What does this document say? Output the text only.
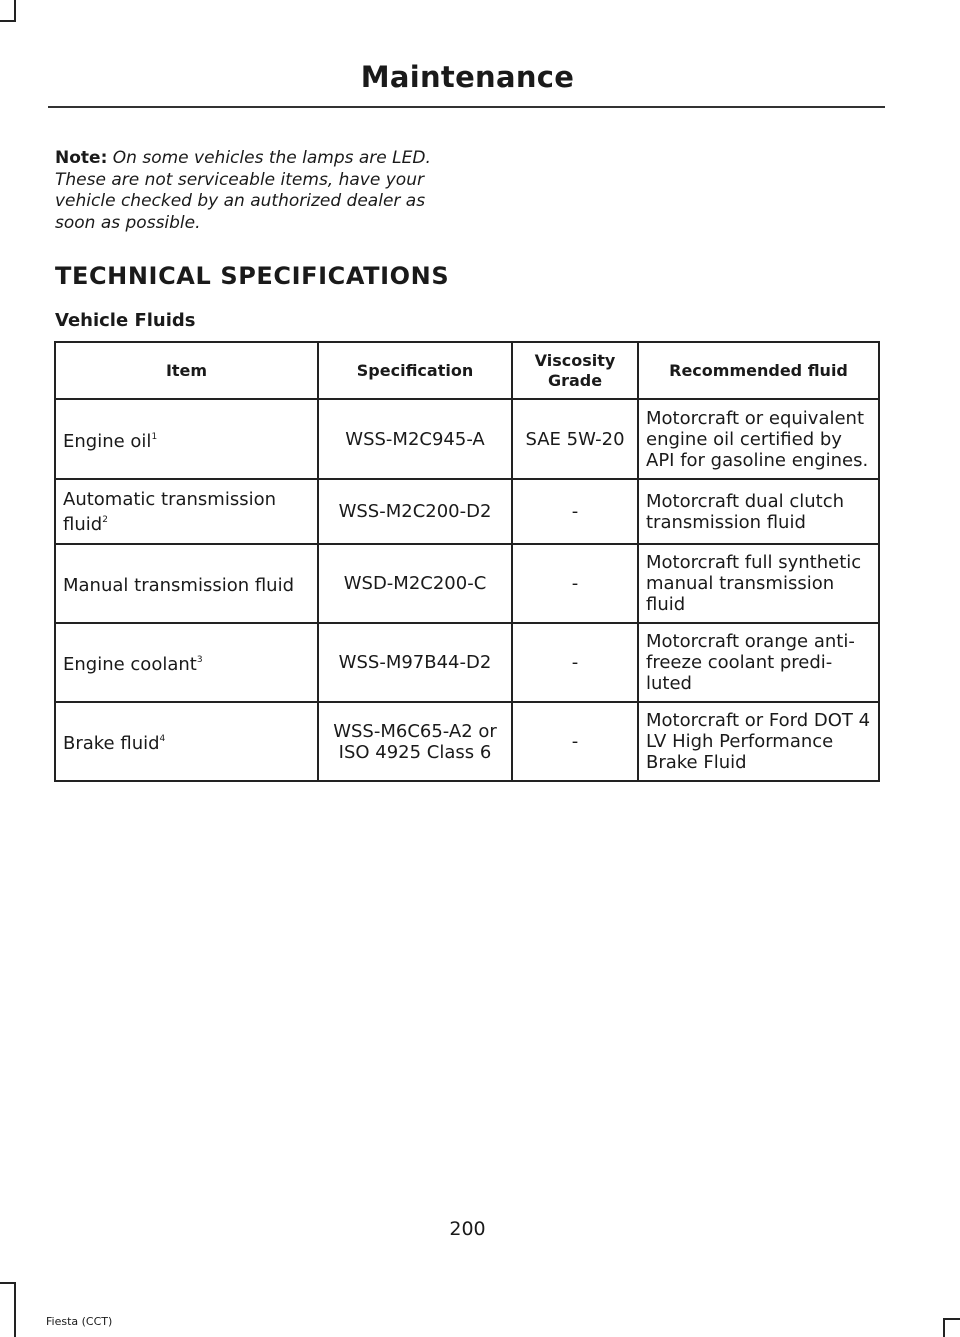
Maintenance
Note: On some vehicles the lamps are LED. These are not serviceable items, have your vehicle checked by an authorized dealer as soon as possible.
TECHNICAL SPECIFICATIONS
Vehicle Fluids
Item	Specification	Viscosity Grade	Recommended fluid
Engine oil$^1$	WSS-M2C945-A	SAE 5W-20	Motorcraft or equivalent engine oil certified by API for gasoline engines.
Automatic transmission fluid$^2$	WSS-M2C200-D2	-	Motorcraft dual clutch transmission fluid
Manual transmission fluid	WSD-M2C200-C	-	Motorcraft full synthetic manual transmission fluid
Engine coolant$^3$	WSS-M97B44-D2	-	Motorcraft orange anti-freeze coolant predi-luted
Brake fluid$^4$	WSS-M6C65-A2 or ISO 4925 Class 6	-	Motorcraft or Ford DOT 4 LV High Performance Brake Fluid
200
Fiesta (CCT)
